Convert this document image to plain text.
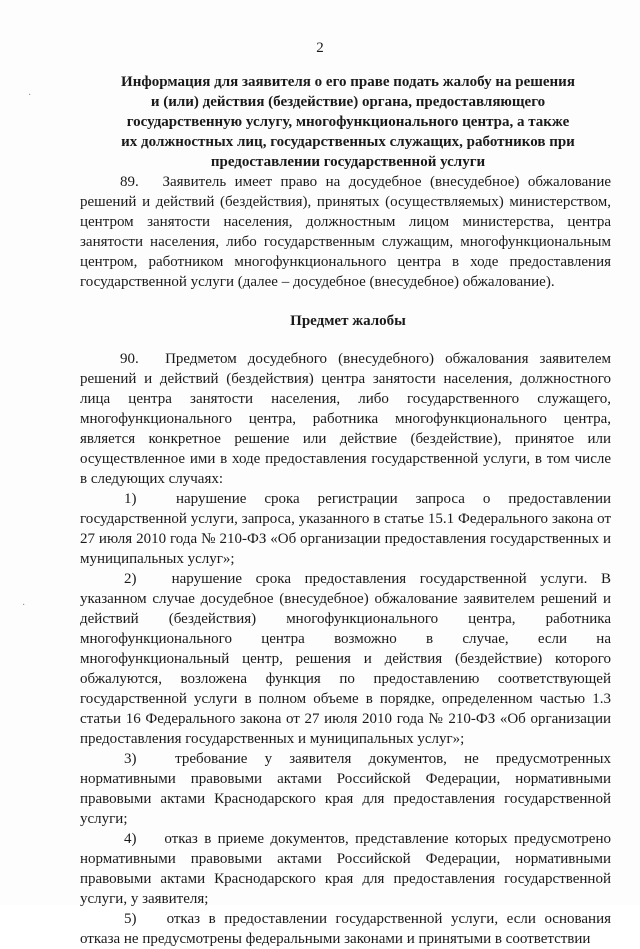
2
Информация для заявителя о его праве подать жалобу на решения и (или) действия (бездействие) органа, предоставляющего государственную услугу, многофункционального центра, а также их должностных лиц, государственных служащих, работников при предоставлении государственной услуги

89. Заявитель имеет право на досудебное (внесудебное) обжалование решений и действий (бездействия), принятых (осуществляемых) министерством, центром занятости населения, должностным лицом министерства, центра занятости населения, либо государственным служащим, многофункциональным центром, работником многофункционального центра в ходе предоставления государственной услуги (далее – досудебное (внесудебное) обжалование).

Предмет жалобы

90. Предметом досудебного (внесудебного) обжалования заявителем решений и действий (бездействия) центра занятости населения, должностного лица центра занятости населения, либо государственного служащего, многофункционального центра, работника многофункционального центра, является конкретное решение или действие (бездействие), принятое или осуществленное ими в ходе предоставления государственной услуги, в том числе в следующих случаях:

1)	нарушение срока регистрации запроса о предоставлении государственной услуги, запроса, указанного в статье 15.1 Федерального закона от 27 июля 2010 года № 210-ФЗ «Об организации предоставления государственных и муниципальных услуг»;

2) нарушение срока предоставления государственной услуги. В указанном случае досудебное (внесудебное) обжалование заявителем решений и действий (бездействия) многофункционального центра, работника многофункционального центра возможно в случае, если на многофункциональный центр, решения и действия (бездействие) которого обжалуются, возложена функция по предоставлению соответствующей государственной услуги в полном объеме в порядке, определенном частью 1.3 статьи 16 Федерального закона от 27 июля 2010 года № 210-ФЗ «Об организации предоставления государственных и муниципальных услуг»;

3)	требование у заявителя документов, не предусмотренных нормативными правовыми актами Российской Федерации, нормативными правовыми актами Краснодарского края для предоставления государственной услуги;

4) отказ в приеме документов, представление которых предусмотрено нормативными правовыми актами Российской Федерации, нормативными правовыми актами Краснодарского края для предоставления государственной услуги, у заявителя;

5) отказ в предоставлении государственной услуги, если основания отказа не предусмотрены федеральными законами и принятыми в соответствии

·
·
